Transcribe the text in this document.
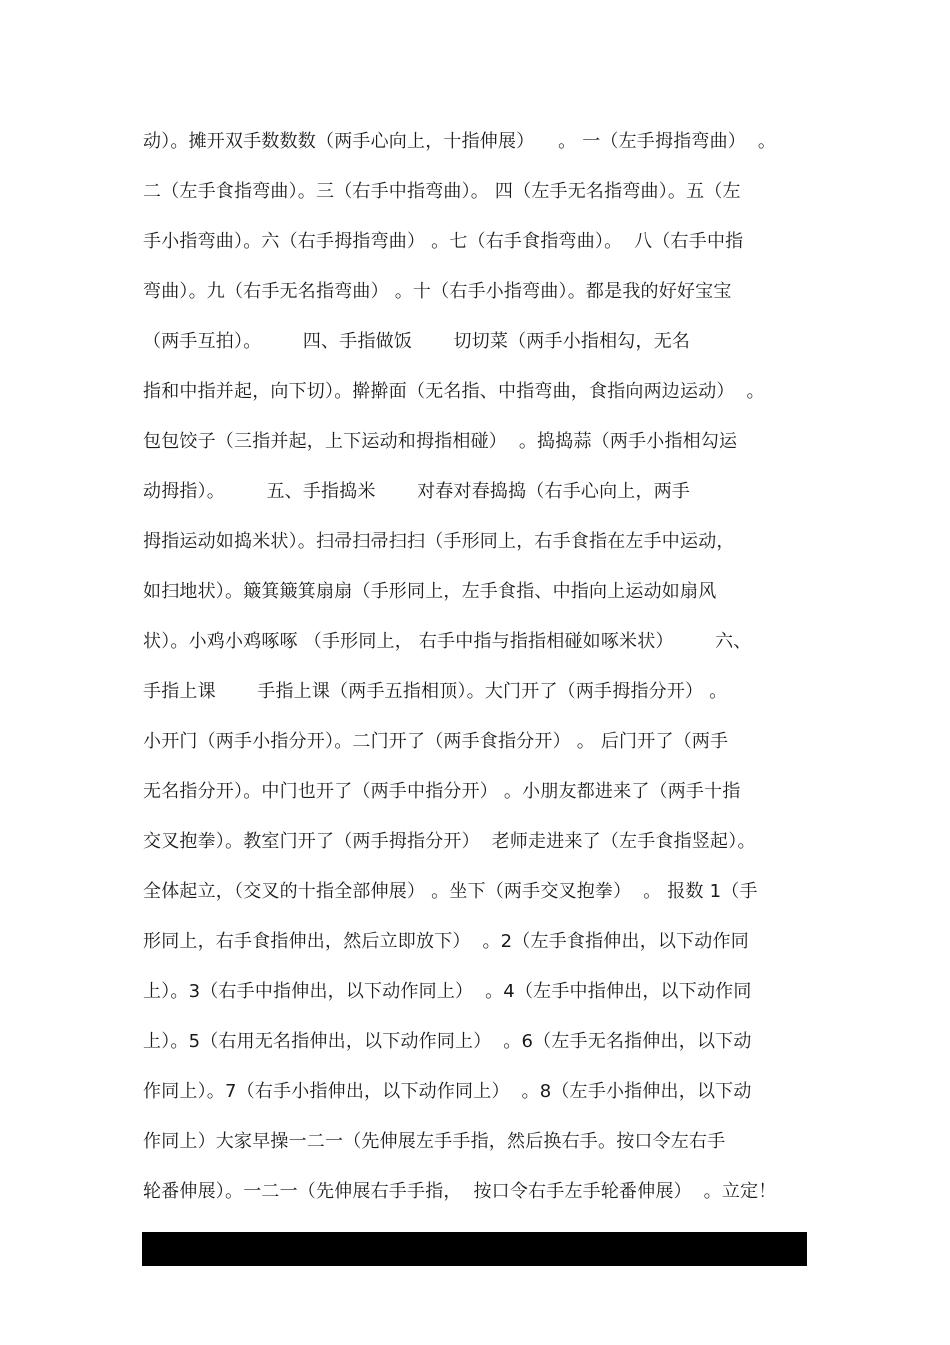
动）。摊开双手数数数（两手心向上，十指伸展）    。 一（左手拇指弯曲）  。
二（左手食指弯曲）。三（右手中指弯曲）。 四（左手无名指弯曲）。五（左
手小指弯曲）。六（右手拇指弯曲） 。七（右手食指弯曲）。  八（右手中指
弯曲）。九（右手无名指弯曲） 。十（右手小指弯曲）。都是我的好好宝宝
（两手互拍）。       四、手指做饭       切切菜（两手小指相勾，无名
指和中指并起，向下切）。擀擀面（无名指、中指弯曲，食指向两边运动）  。
包包饺子（三指并起，上下运动和拇指相碰）  。捣捣蒜（两手小指相勾运
动拇指）。       五、手指捣米       对春对春捣捣（右手心向上，两手
拇指运动如捣米状）。扫帚扫帚扫扫（手形同上，右手食指在左手中运动，
如扫地状）。簸箕簸箕扇扇（手形同上，左手食指、中指向上运动如扇风
状）。小鸡小鸡啄啄 （手形同上， 右手中指与指指相碰如啄米状）       六、
手指上课       手指上课（两手五指相顶）。大门开了（两手拇指分开） 。
小开门（两手小指分开）。二门开了（两手食指分开） 。 后门开了（两手
无名指分开）。中门也开了（两手中指分开） 。小朋友都进来了（两手十指
交叉抱拳）。教室门开了（两手拇指分开）  老师走进来了（左手食指竖起）。
全体起立，（交叉的十指全部伸展） 。坐下（两手交叉抱拳）  。 报数 1（手
形同上，右手食指伸出，然后立即放下）  。2（左手食指伸出，以下动作同
上）。3（右手中指伸出，以下动作同上）  。4（左手中指伸出，以下动作同
上）。5（右用无名指伸出，以下动作同上）  。6（左手无名指伸出，以下动
作同上）。7（右手小指伸出，以下动作同上）  。8（左手小指伸出，以下动
作同上）大家早操一二一（先伸展左手手指，然后换右手。按口令左右手
轮番伸展）。一二一（先伸展右手手指，  按口令右手左手轮番伸展）  。立定！
